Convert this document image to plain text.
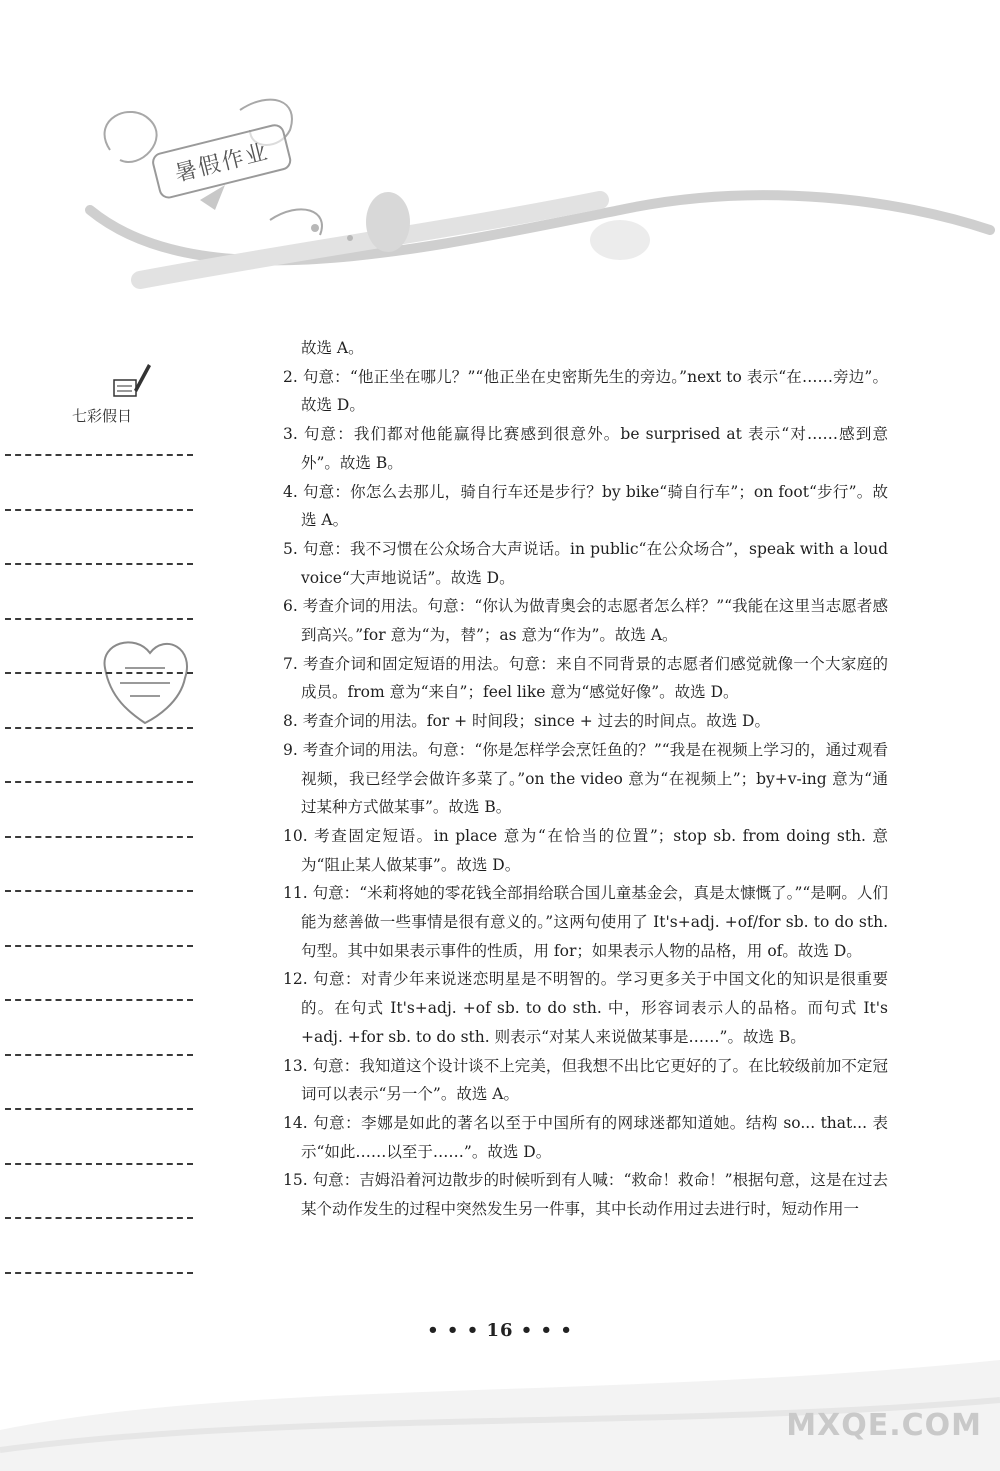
暑假作业
七彩假日

故选 A。

2. 句意：“他正坐在哪儿？”“他正坐在史密斯先生的旁边。”next to 表示“在……旁边”。故选 D。

3. 句意：我们都对他能赢得比赛感到很意外。be surprised at 表示“对……感到意外”。故选 B。

4. 句意：你怎么去那儿，骑自行车还是步行？by bike“骑自行车”；on foot“步行”。故选 A。

5. 句意：我不习惯在公众场合大声说话。in public“在公众场合”，speak with a loud voice“大声地说话”。故选 D。

6. 考查介词的用法。句意：“你认为做青奥会的志愿者怎么样？”“我能在这里当志愿者感到高兴。”for 意为“为，替”；as 意为“作为”。故选 A。

7. 考查介词和固定短语的用法。句意：来自不同背景的志愿者们感觉就像一个大家庭的成员。from 意为“来自”；feel like 意为“感觉好像”。故选 D。

8. 考查介词的用法。for + 时间段；since + 过去的时间点。故选 D。

9. 考查介词的用法。句意：“你是怎样学会烹饪鱼的？”“我是在视频上学习的，通过观看视频，我已经学会做许多菜了。”on the video 意为“在视频上”；by+v-ing 意为“通过某种方式做某事”。故选 B。

10. 考查固定短语。in place 意为“在恰当的位置”；stop sb. from doing sth. 意为“阻止某人做某事”。故选 D。

11. 句意：“米莉将她的零花钱全部捐给联合国儿童基金会，真是太慷慨了。”“是啊。人们能为慈善做一些事情是很有意义的。”这两句使用了 It's+adj. +of/for sb. to do sth. 句型。其中如果表示事件的性质，用 for；如果表示人物的品格，用 of。故选 D。

12. 句意：对青少年来说迷恋明星是不明智的。学习更多关于中国文化的知识是很重要的。在句式 It's+adj. +of sb. to do sth. 中，形容词表示人的品格。而句式 It's +adj. +for sb. to do sth. 则表示“对某人来说做某事是……”。故选 B。

13. 句意：我知道这个设计谈不上完美，但我想不出比它更好的了。在比较级前加不定冠词可以表示“另一个”。故选 A。

14. 句意：李娜是如此的著名以至于中国所有的网球迷都知道她。结构 so... that... 表示“如此……以至于……”。故选 D。

15. 句意：吉姆沿着河边散步的时候听到有人喊：“救命！救命！”根据句意，这是在过去某个动作发生的过程中突然发生另一件事，其中长动作用过去进行时，短动作用一

• • • 16 • • •
MXQE.COM
